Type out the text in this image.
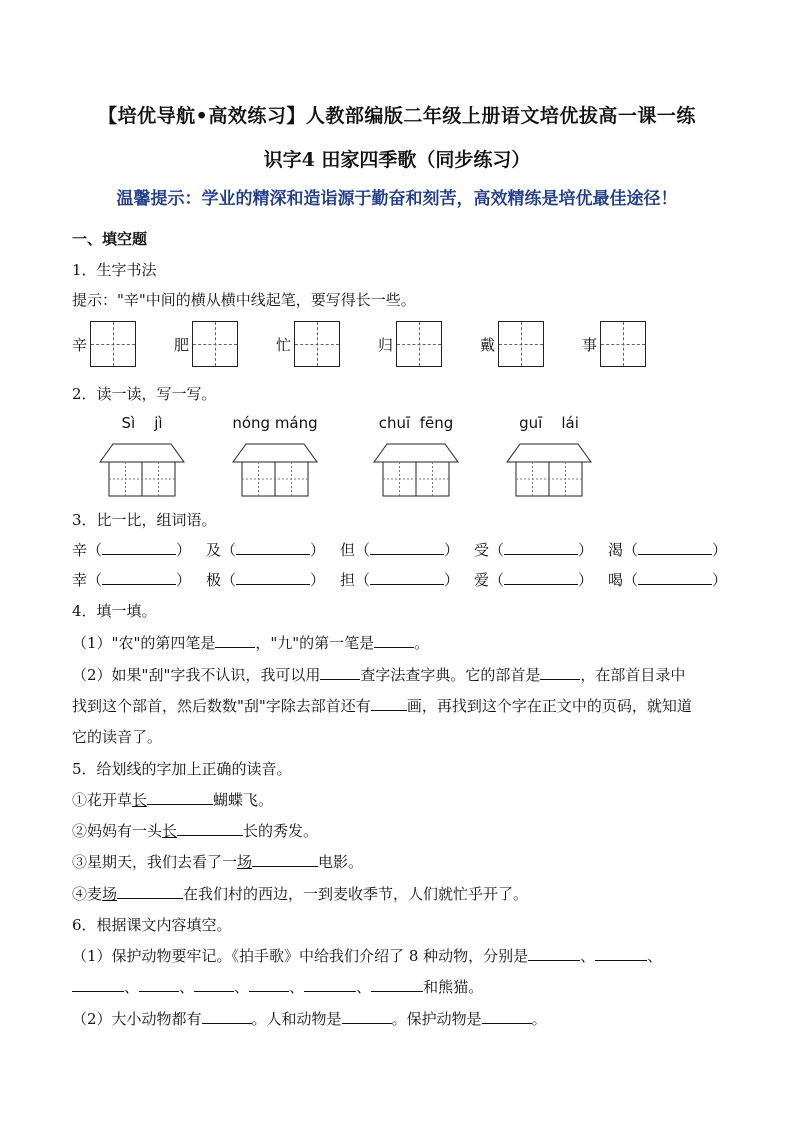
【培优导航•高效练习】人教部编版二年级上册语文培优拔高一课一练
识字4 田家四季歌（同步练习）
温馨提示：学业的精深和造诣源于勤奋和刻苦，高效精练是培优最佳途径！
一、填空题
1．生字书法
提示："辛"中间的横从横中线起笔，要写得长一些。
辛	肥	忙	归	戴	事
2．读一读，写一写。
Sì    jì	nóng máng	chuī  fēng	guī    lái
3．比一比，组词语。
辛（	） 及（	） 但（	） 受（	） 渴（	）
幸（	） 极（	） 担（	） 爱（	） 喝（	）
4．填一填。
（1）"农"的第四笔是	，"九"的第一笔是	。
（2）如果"刮"字我不认识，我可以用	查字法查字典。它的部首是	，在部首目录中
找到这个部首，然后数数"刮"字除去部首还有 画，再找到这个字在正文中的页码，就知道
它的读音了。
5．给划线的字加上正确的读音。
①花开草长	蝴蝶飞。
②妈妈有一头长	长的秀发。
③星期天，我们去看了一场	电影。
④麦场	在我们村的西边，一到麦收季节，人们就忙乎开了。
6．根据课文内容填空。
（1）保护动物要牢记。《拍手歌》中给我们介绍了 8 种动物，分别是	、	、
、	、	、	、	、	和熊猫。
（2）大小动物都有	。人和动物是	。保护动物是	。
